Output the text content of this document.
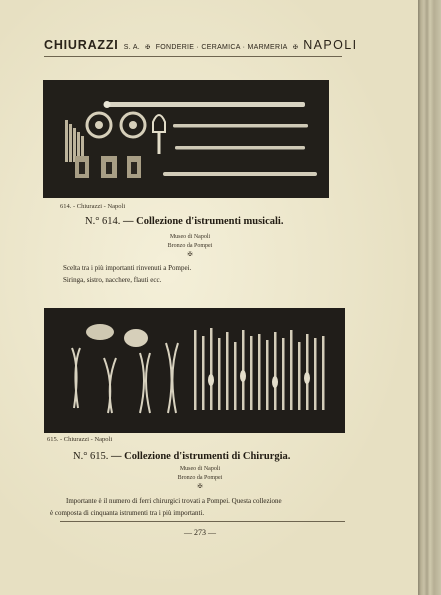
CHIURAZZI S. A. ✠ FONDERIE · CERAMICA · MARMERIA ✠ NAPOLI
614. - Chiurazzi - Napoli
N.° 614. — Collezione d'istrumenti musicali.
Museo di Napoli
Bronzo da Pompei
✠
Scelta tra i più importanti rinvenuti a Pompei.
Siringa, sistro, nacchere, flauti ecc.
615. - Chiurazzi - Napoli
N.° 615. — Collezione d'istrumenti di Chirurgia.
Museo di Napoli
Bronzo da Pompei
✠
Importante è il numero di ferri chirurgici trovati a Pompei. Questa collezione
è composta di cinquanta istrumenti tra i più importanti.
— 273 —
